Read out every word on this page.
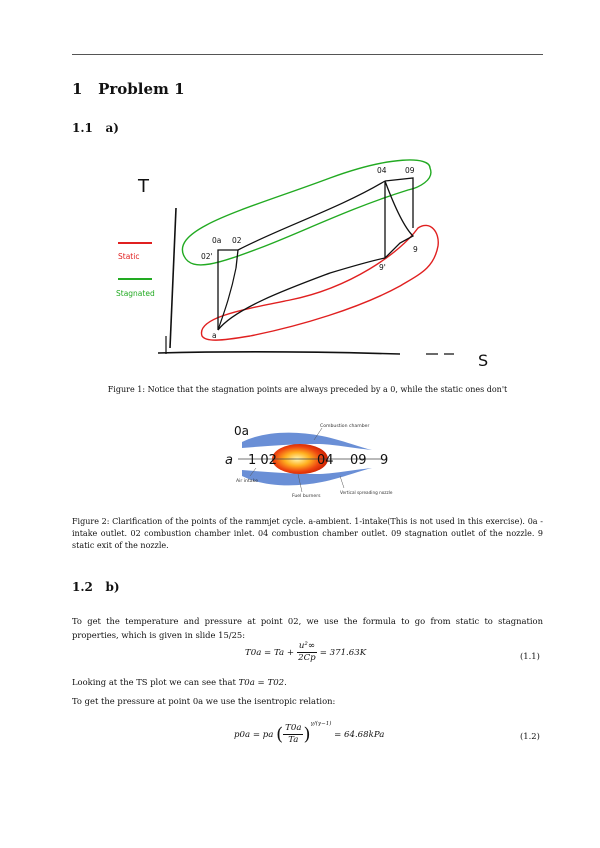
1 Problem 1
1.1 a)
T
S
Static
Stagnated
0a 02
02'
a
04 09
9'
9
Figure 1: Notice that the stagnation points are always preceded by a 0, while the static ones don't
0a
a 1 02	04 09 9
Combustion chamber
Air intake
Fuel burners
Vertical spreading nozzle
Figure 2: Clarification of the points of the rammjet cycle. a-ambient. 1-intake(This is not used in this exercise). 0a -intake outlet. 02 combustion chamber inlet. 04 combustion chamber outlet. 09 stagnation outlet of the nozzle. 9 static exit of the nozzle.
1.2 b)
To get the temperature and pressure at point 02, we use the formula to go from static to stagnation properties, which is given in slide 15/25:
$T0a = Ta + \frac{\text{u²∞}}{2Cp} = 371.63K$	(1.1)
Looking at the TS plot we can see that T0a = T02.
To get the pressure at point 0a we use the isentropic relation:
p0a = pa ( $\frac{T0a}{Ta} )^{\gamma/(\gamma-1)} = 64.68kPa$	(1.2)
